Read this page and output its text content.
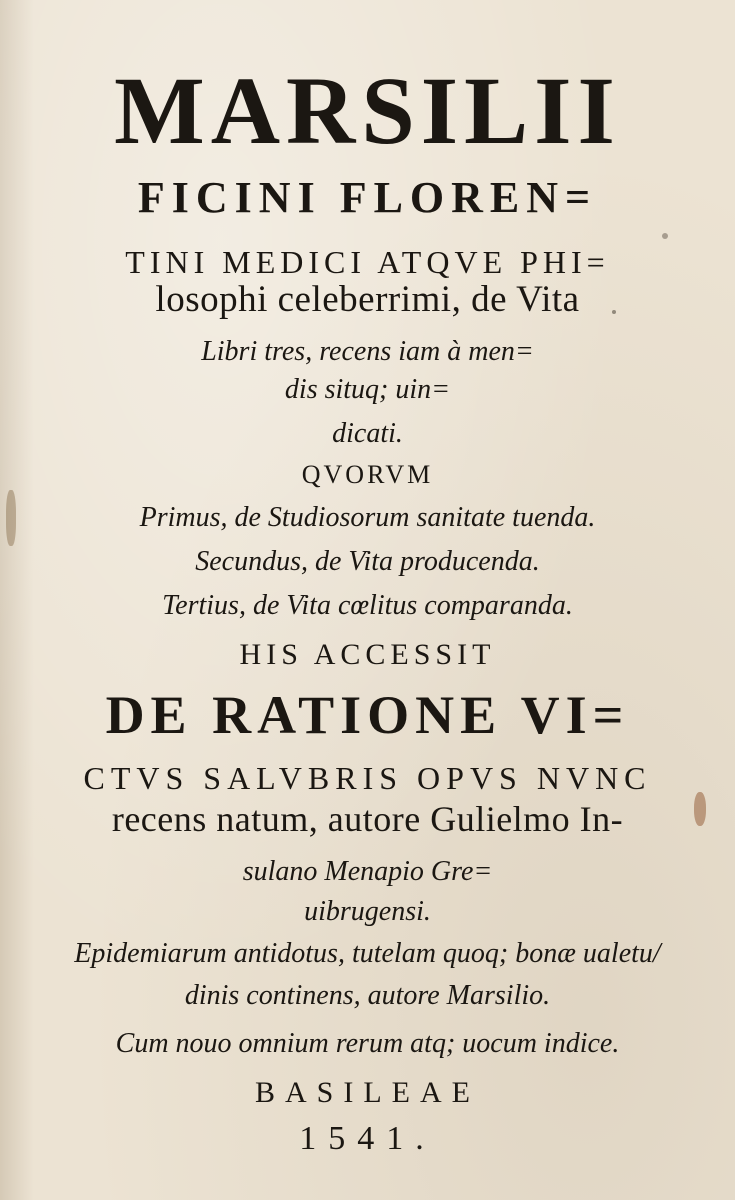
MARSILII
FICINI FLOREN=
TINI MEDICI ATQVE PHI=
losophi celeberrimi, de Vita
Libri tres, recens iam à men=
dis situq; uin=
dicati.
QVORVM
Primus, de Studiosorum sanitate tuenda.
Secundus, de Vita producenda.
Tertius, de Vita cœlitus comparanda.
HIS ACCESSIT
DE RATIONE VI=
CTVS SALVBRIS OPVS NVNC
recens natum, autore Gulielmo In-
sulano Menapio Gre=
uibrugensi.
Epidemiarum antidotus, tutelam quoq; bonæ ualetu/
dinis continens, autore Marsilio.
Cum nouo omnium rerum atq; uocum indice.
BASILEAE
1541.
